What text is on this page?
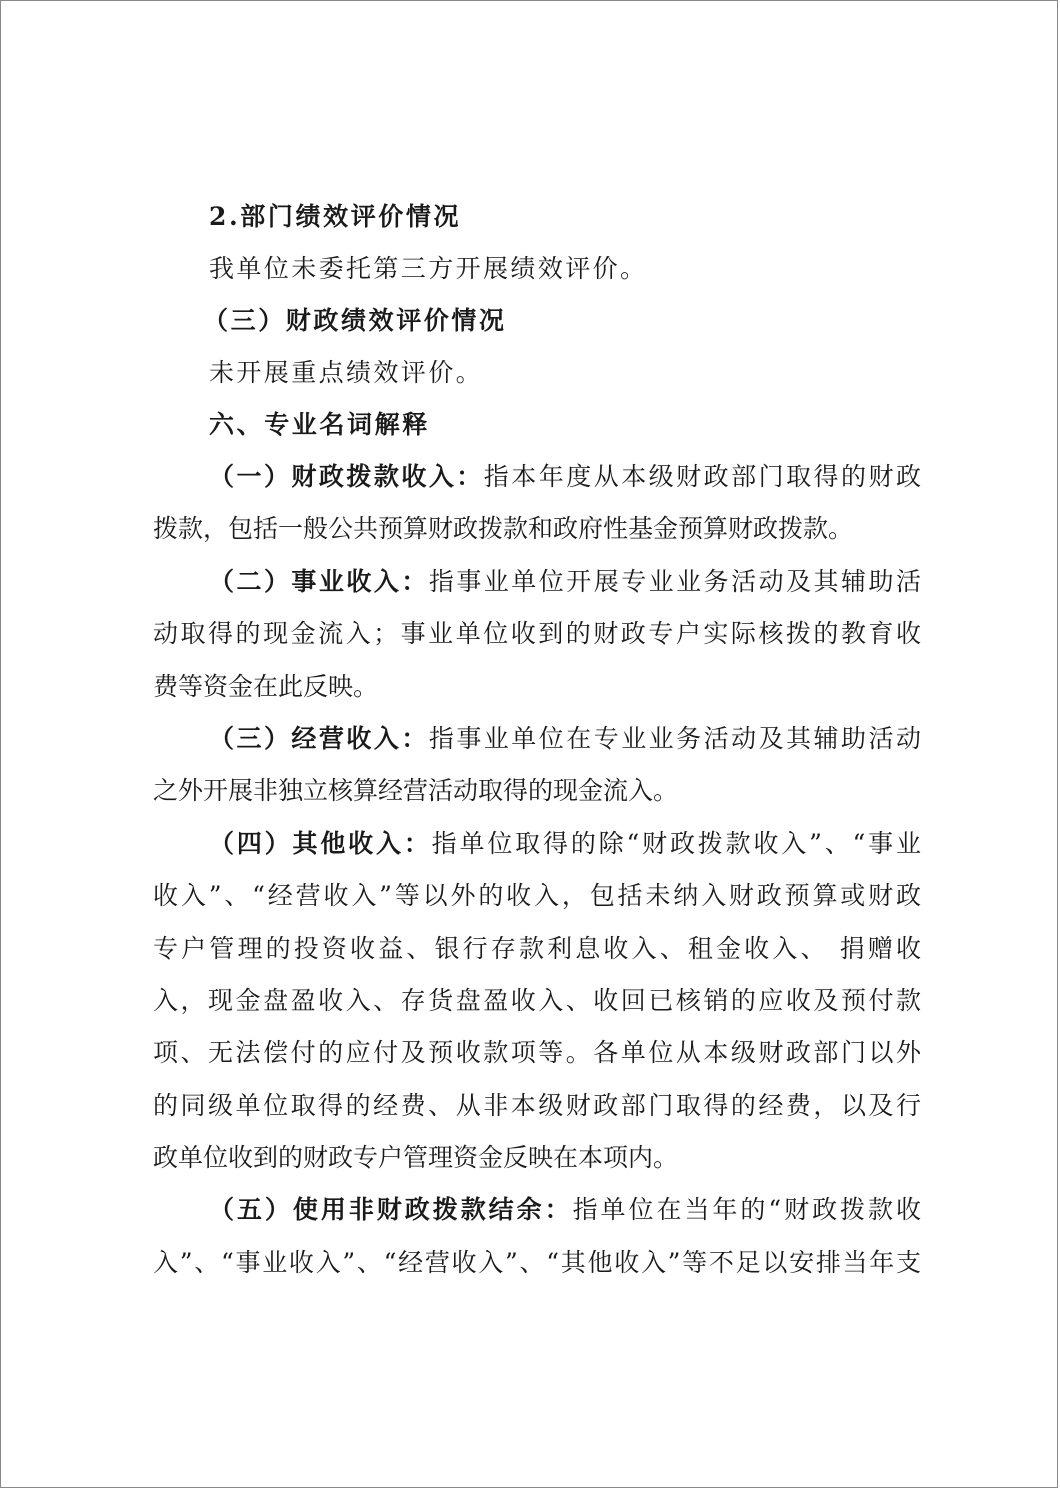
2.部门绩效评价情况
我单位未委托第三方开展绩效评价。
（三）财政绩效评价情况
未开展重点绩效评价。
六、专业名词解释
（一）财政拨款收入：指本年度从本级财政部门取得的财政
拨款，包括一般公共预算财政拨款和政府性基金预算财政拨款。
（二）事业收入：指事业单位开展专业业务活动及其辅助活
动取得的现金流入；事业单位收到的财政专户实际核拨的教育收
费等资金在此反映。
（三）经营收入：指事业单位在专业业务活动及其辅助活动
之外开展非独立核算经营活动取得的现金流入。
（四）其他收入：指单位取得的除“财政拨款收入”、“事业
收入”、“经营收入”等以外的收入，包括未纳入财政预算或财政
专户管理的投资收益、银行存款利息收入、租金收入、 捐赠收
入，现金盘盈收入、存货盘盈收入、收回已核销的应收及预付款
项、无法偿付的应付及预收款项等。各单位从本级财政部门以外
的同级单位取得的经费、从非本级财政部门取得的经费，以及行
政单位收到的财政专户管理资金反映在本项内。
（五）使用非财政拨款结余：指单位在当年的“财政拨款收
入”、“事业收入”、“经营收入”、“其他收入”等不足以安排当年支
